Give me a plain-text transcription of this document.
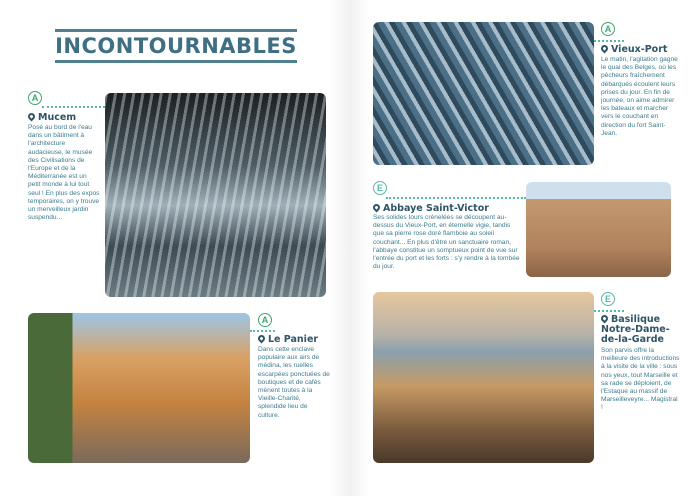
INCONTOURNABLES
A
Mucem
Posé au bord de l'eau dans un bâtiment à l'architecture audacieuse, le musée des Civilisations de l'Europe et de la Méditerranée est un petit monde à lui tout seul ! En plus des expos temporaires, on y trouve un merveilleux jardin suspendu...
A
Le Panier
Dans cette enclave populaire aux airs de médina, les ruelles escarpées ponctuées de boutiques et de cafés mènent toutes à la Vieille-Charité, splendide lieu de culture.
A
Vieux-Port
Le matin, l'agitation gagne le quai des Belges, où les pêcheurs fraîchement débarqués écoulent leurs prises du jour. En fin de journée, on aime admirer les bateaux et marcher vers le couchant en direction du fort Saint-Jean.
E
Abbaye Saint-Victor
Ses solides tours crénelées se découpent au-dessus du Vieux-Port, en éternelle vigie, tandis que sa pierre rose doré flamboie au soleil couchant... En plus d'être un sanctuaire roman, l'abbaye constitue un somptueux point de vue sur l'entrée du port et les forts : s'y rendre à la tombée du jour.
E
Basilique Notre-Dame-de-la-Garde
Son parvis offre la meilleure des introductions à la visite de la ville : sous nos yeux, tout Marseille et sa rade se déploient, de l'Estaque au massif de Marseilleveyre... Magistral !
